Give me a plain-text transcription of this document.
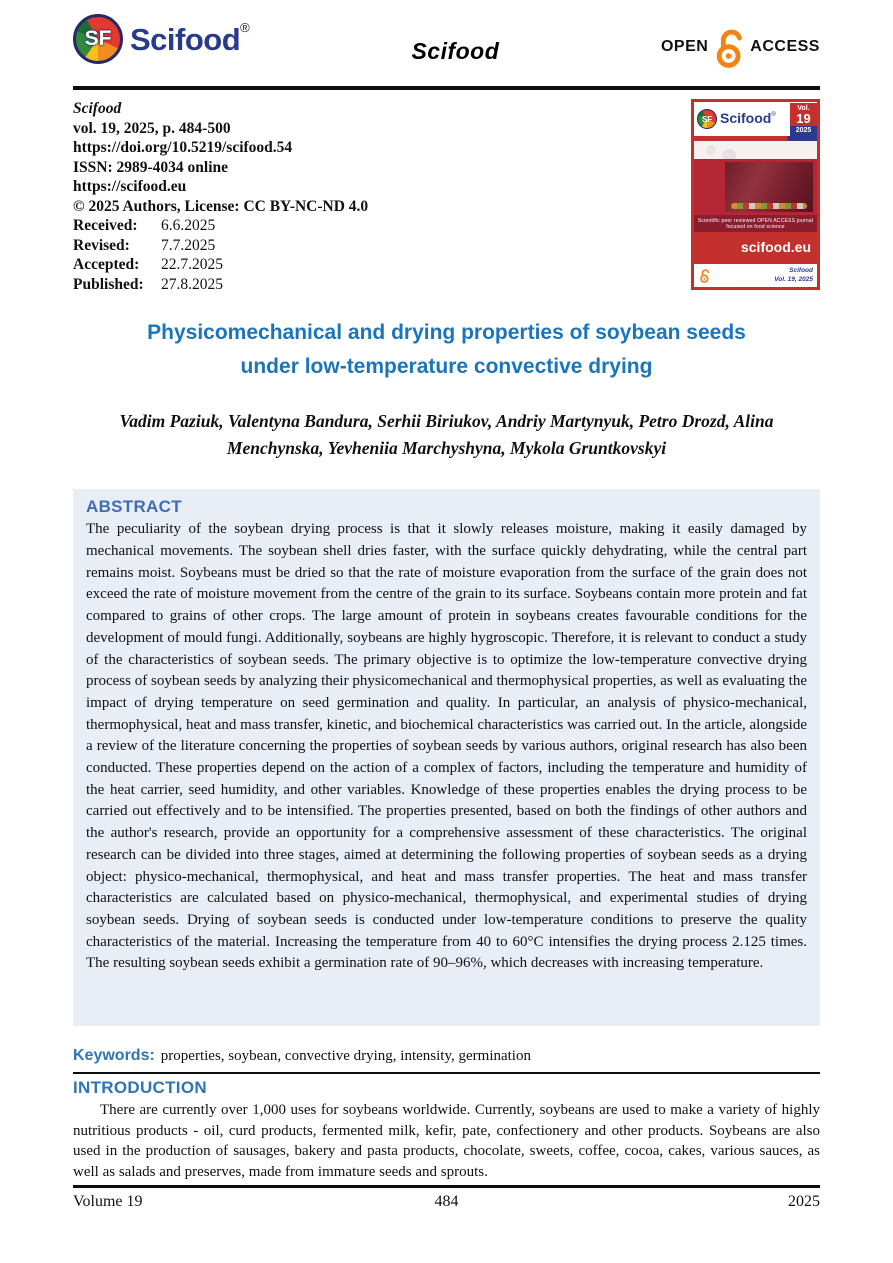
SF Scifood®
Scifood	OPEN	ACCESS
Scifood
vol. 19, 2025, p. 484-500
https://doi.org/10.5219/scifood.54
ISSN: 2989-4034 online
https://scifood.eu
© 2025 Authors, License: CC BY-NC-ND 4.0
Received:	6.6.2025
Revised:	7.7.2025
Accepted:	22.7.2025
Published:	27.8.2025
SF Scifood®
Vol.
19
2025
Scientific peer reviewed OPEN ACCESS journal focused on food science
scifood.eu
Scifood
Vol. 19, 2025
Physicomechanical and drying properties of soybean seeds under low-temperature convective drying
Vadim Paziuk, Valentyna Bandura, Serhii Biriukov, Andriy Martynyuk, Petro Drozd, Alina Menchynska, Yevheniia Marchyshyna, Mykola Gruntkovskyi
ABSTRACT

The peculiarity of the soybean drying process is that it slowly releases moisture, making it easily damaged by mechanical movements. The soybean shell dries faster, with the surface quickly dehydrating, while the central part remains moist. Soybeans must be dried so that the rate of moisture evaporation from the surface of the grain does not exceed the rate of moisture movement from the centre of the grain to its surface. Soybeans contain more protein and fat compared to grains of other crops. The large amount of protein in soybeans creates favourable conditions for the development of mould fungi. Additionally, soybeans are highly hygroscopic. Therefore, it is relevant to conduct a study of the characteristics of soybean seeds. The primary objective is to optimize the low-temperature convective drying process of soybean seeds by analyzing their physicomechanical and thermophysical properties, as well as evaluating the impact of drying temperature on seed germination and quality. In particular, an analysis of physico-mechanical, thermophysical, heat and mass transfer, kinetic, and biochemical characteristics was carried out. In the article, alongside a review of the literature concerning the properties of soybean seeds by various authors, original research has also been conducted. These properties depend on the action of a complex of factors, including the temperature and humidity of the heat carrier, seed humidity, and other variables. Knowledge of these properties enables the drying process to be carried out effectively and to be intensified. The properties presented, based on both the findings of other authors and the author's research, provide an opportunity for a comprehensive assessment of these characteristics. The original research can be divided into three stages, aimed at determining the following properties of soybean seeds as a drying object: physico-mechanical, thermophysical, and heat and mass transfer properties. The heat and mass transfer characteristics are calculated based on physico-mechanical, thermophysical, and experimental studies of drying soybean seeds. Drying of soybean seeds is conducted under low-temperature conditions to preserve the quality characteristics of the material. Increasing the temperature from 40 to 60°C intensifies the drying process 2.125 times. The resulting soybean seeds exhibit a germination rate of 90–96%, which decreases with increasing temperature.

Keywords: properties, soybean, convective drying, intensity, germination
INTRODUCTION

There are currently over 1,000 uses for soybeans worldwide. Currently, soybeans are used to make a variety of highly nutritious products - oil, curd products, fermented milk, kefir, pate, confectionery and other products. Soybeans are also used in the production of sausages, bakery and pasta products, chocolate, sweets, coffee, cocoa, cakes, various sauces, as well as salads and preserves, made from immature seeds and sprouts.

Volume 19	484	2025
